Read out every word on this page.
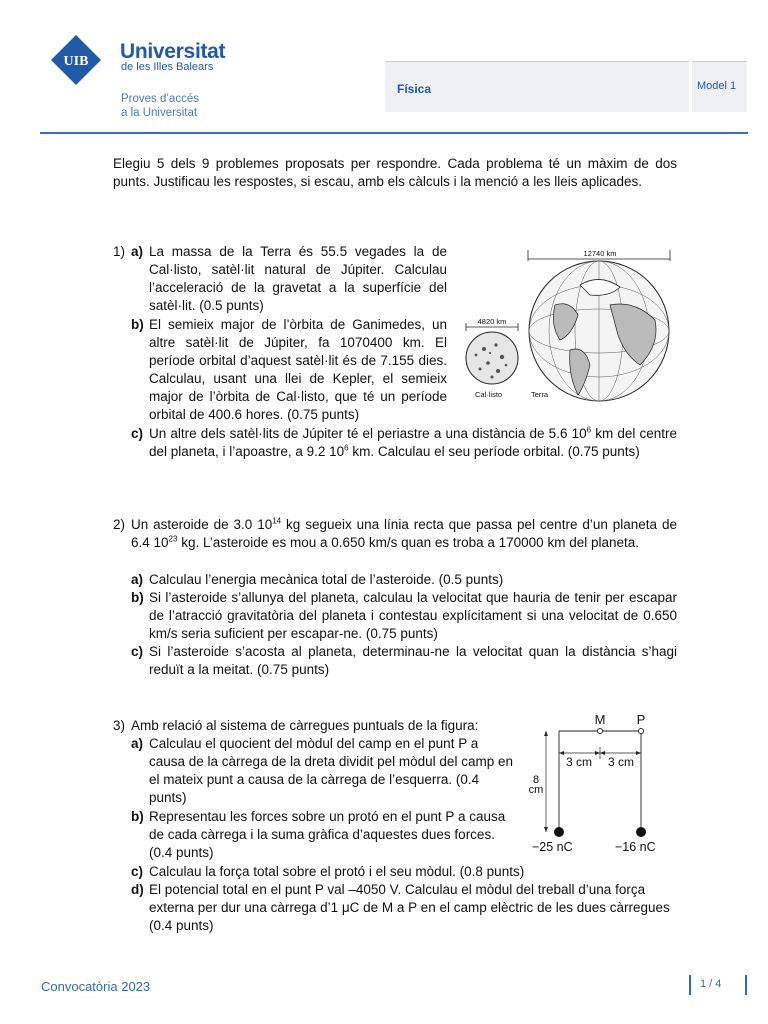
UIB Universitat
de les Illes Balears
Proves d’accés
a la Universitat
Física	Model 1
Elegiu 5 dels 9 problemes proposats per respondre. Cada problema té un màxim de dos punts. Justificau les respostes, si escau, amb els càlculs i la menció a les lleis aplicades.
1) a) La massa de la Terra és 55.5 vegades la de Cal·listo, satèl·lit natural de Júpiter. Calculau l’acceleració de la gravetat a la superfície del satèl·lit. (0.5 punts)
b) El semieix major de l’òrbita de Ganimedes, un altre satèl·lit de Júpiter, fa 1070400 km. El període orbital d’aquest satèl·lit és de 7.155 dies. Calculau, usant una llei de Kepler, el semieix major de l’òrbita de Cal·listo, que té un període orbital de 400.6 hores. (0.75 punts)
c) Un altre dels satèl·lits de Júpiter té el periastre a una distància de 5.6 $10^6$ km del centre del planeta, i l’apoastre, a 9.2 $10^6$ km. Calculau el seu període orbital. (0.75 punts)
12740 km
4820 km
Cal·listo	Terra
2) Un asteroide de 3.0 $10^{14}$ kg segueix una línia recta que passa pel centre d’un planeta de 6.4 $10^{23}$ kg. L’asteroide es mou a 0.650 km/s quan es troba a 170000 km del planeta.
a) Calculau l’energia mecànica total de l’asteroide. (0.5 punts)
b) Si l’asteroide s’allunya del planeta, calculau la velocitat que hauria de tenir per escapar de l’atracció gravitatòria del planeta i contestau explícitament si una velocitat de 0.650 km/s seria suficient per escapar-ne. (0.75 punts)
c) Si l’asteroide s’acosta al planeta, determinau-ne la velocitat quan la distància s’hagi reduït a la meitat. (0.75 punts)
3) Amb relació al sistema de càrregues puntuals de la figura:
a) Calculau el quocient del mòdul del camp en el punt P a causa de la càrrega de la dreta dividit pel mòdul del camp en el mateix punt a causa de la càrrega de l’esquerra. (0.4 punts)
b) Representau les forces sobre un protó en el punt P a causa de cada càrrega i la suma gràfica d’aquestes dues forces. (0.4 punts)
c) Calculau la força total sobre el protó i el seu mòdul. (0.8 punts)
d) El potencial total en el punt P val –4050 V. Calculau el mòdul del treball d’una força externa per dur una càrrega d’1 μC de M a P en el camp elèctric de les dues càrregues (0.4 punts)
M P
3 cm 3 cm
8
cm
−25 nC	−16 nC
Convocatòria 2023	1 / 4
